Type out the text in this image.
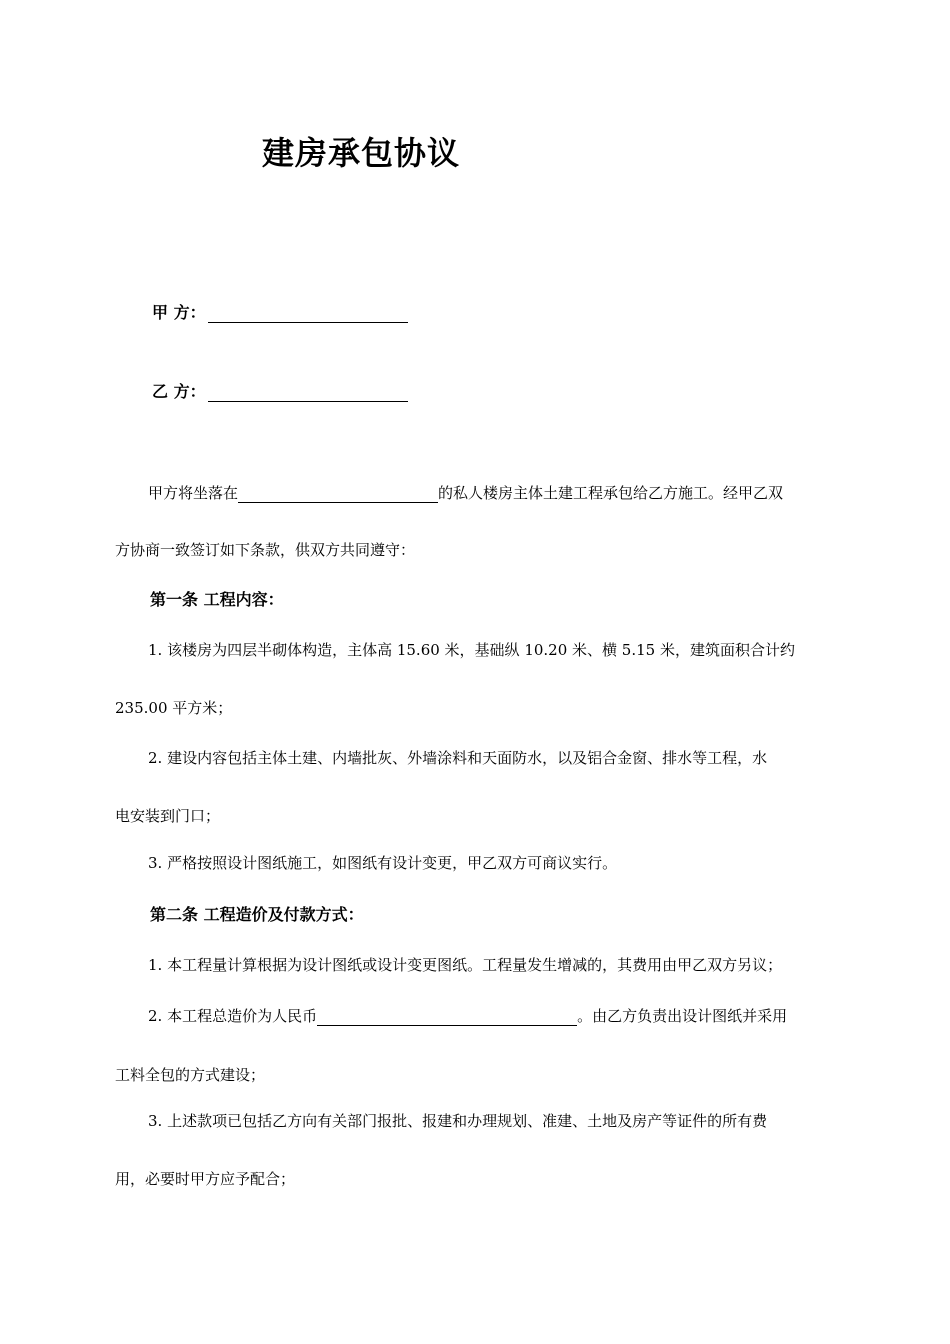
建房承包协议
甲 方：
乙 方：
甲方将坐落在	的私人楼房主体土建工程承包给乙方施工。经甲乙双
方协商一致签订如下条款，供双方共同遵守：
第一条 工程内容：
1. 该楼房为四层半砌体构造，主体高 15.60 米，基础纵 10.20 米、横 5.15 米，建筑面积合计约
235.00 平方米；
2. 建设内容包括主体土建、内墙批灰、外墙涂料和天面防水，以及铝合金窗、排水等工程，水
电安装到门口；
3. 严格按照设计图纸施工，如图纸有设计变更，甲乙双方可商议实行。
第二条 工程造价及付款方式：
1. 本工程量计算根据为设计图纸或设计变更图纸。工程量发生增减的，其费用由甲乙双方另议；
2. 本工程总造价为人民币	。由乙方负责出设计图纸并采用
工料全包的方式建设；
3. 上述款项已包括乙方向有关部门报批、报建和办理规划、准建、土地及房产等证件的所有费
用，必要时甲方应予配合；
